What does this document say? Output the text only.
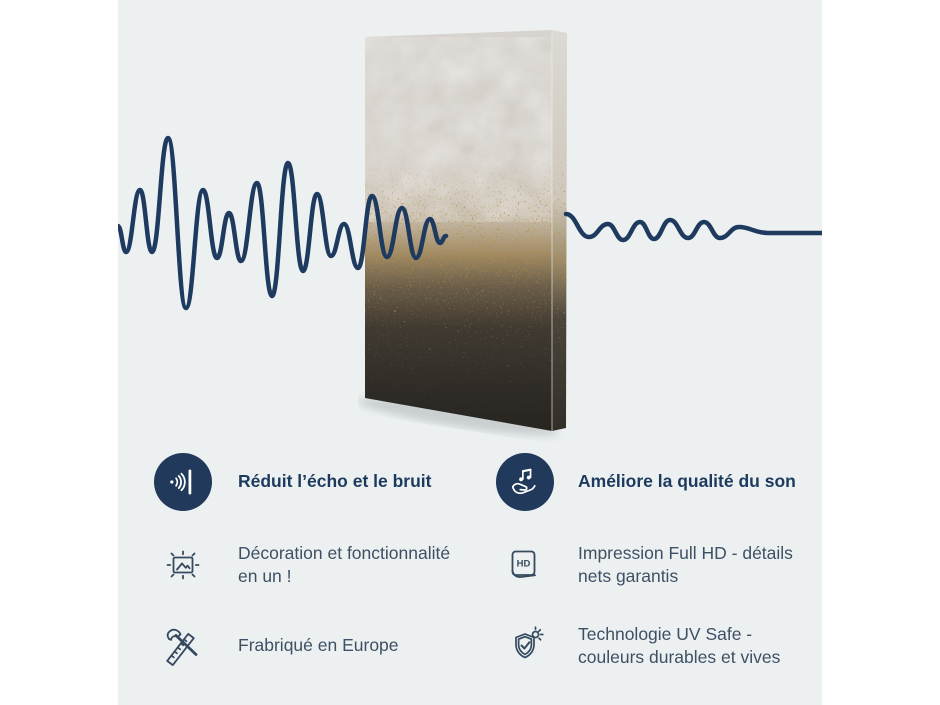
Réduit l’écho et le bruit	Améliore la qualité du son
Décoration et fonctionnalité
en un !
HD
Impression Full HD - détails
nets garantis
Frabriqué en Europe
Technologie UV Safe -
couleurs durables et vives
